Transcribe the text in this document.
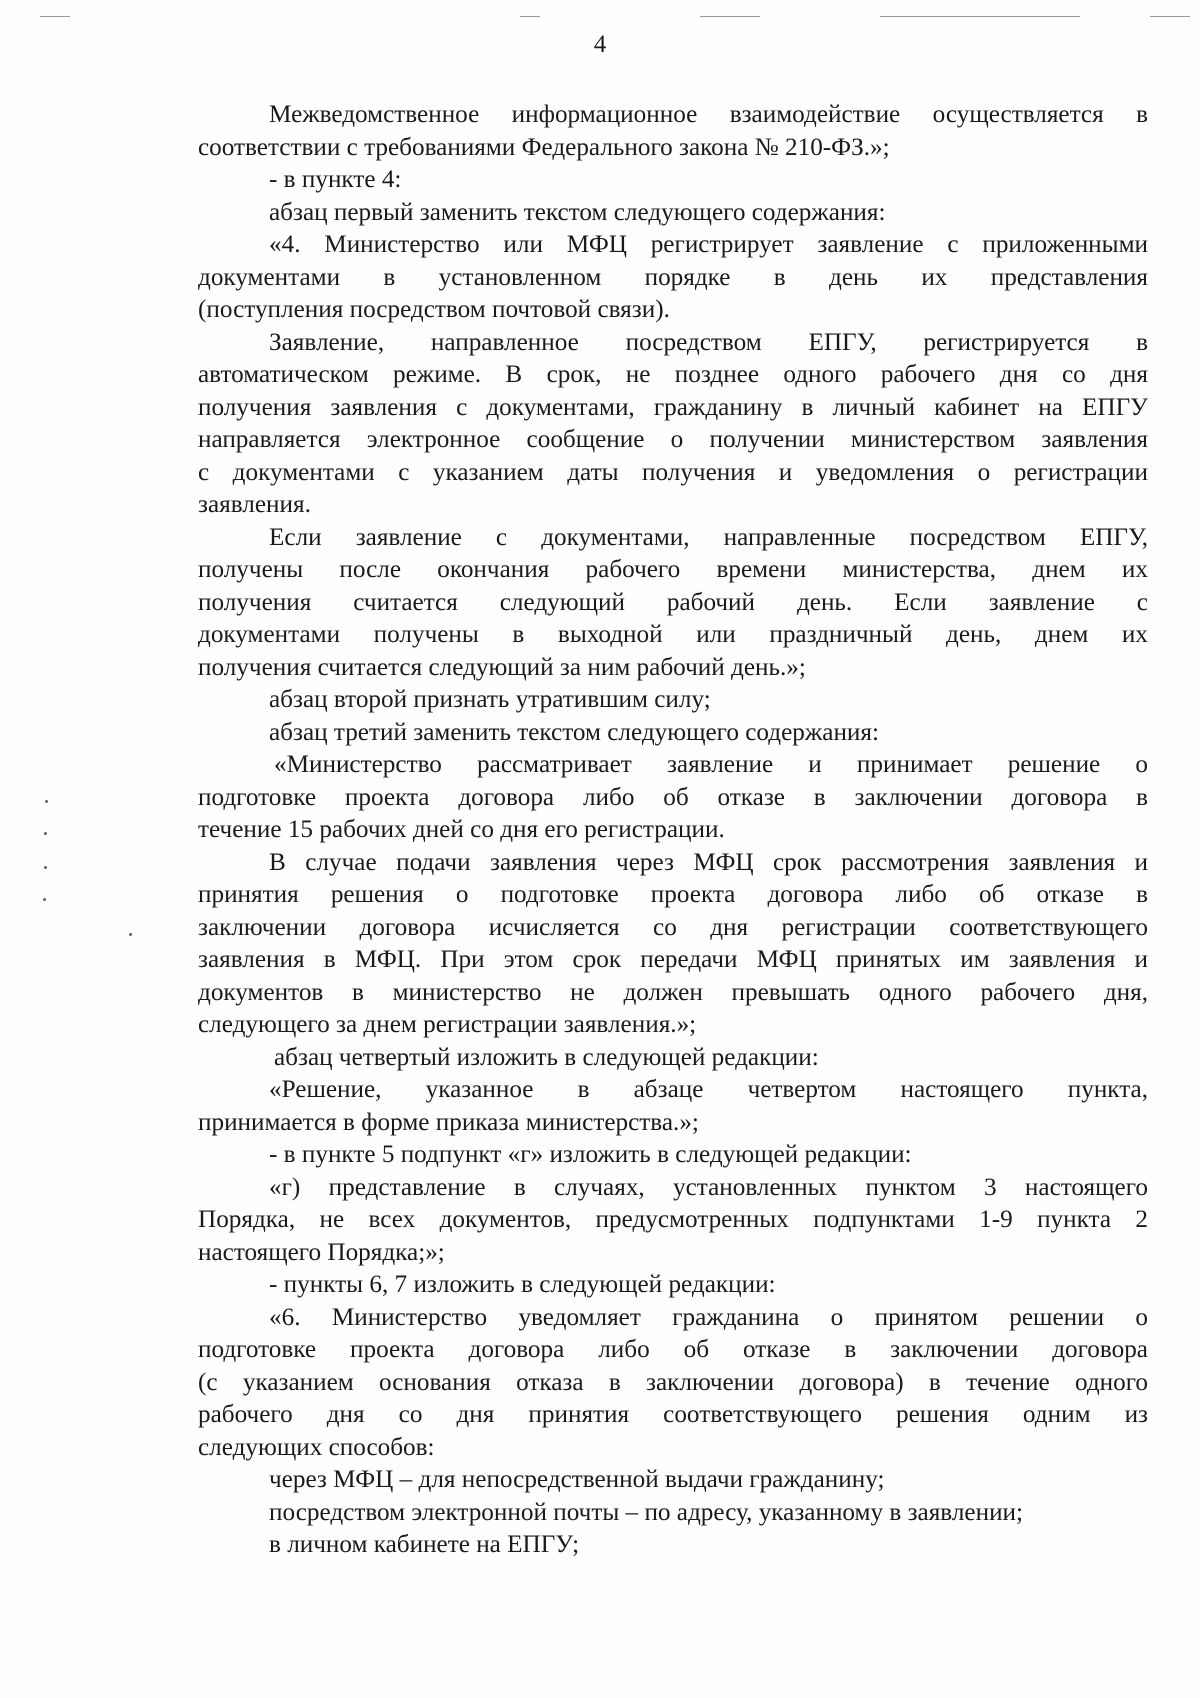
4
Межведомственное информационное взаимодействие осуществляется в
соответствии с требованиями Федерального закона № 210-ФЗ.»;
- в пункте 4:
абзац первый заменить текстом следующего содержания:
«4. Министерство или МФЦ регистрирует заявление с приложенными
документами в установленном порядке в день их представления
(поступления посредством почтовой связи).
Заявление, направленное посредством ЕПГУ, регистрируется в
автоматическом режиме. В срок, не позднее одного рабочего дня со дня
получения заявления с документами, гражданину в личный кабинет на ЕПГУ
направляется электронное сообщение о получении министерством заявления
с документами с указанием даты получения и уведомления о регистрации
заявления.
Если заявление с документами, направленные посредством ЕПГУ,
получены после окончания рабочего времени министерства, днем их
получения считается следующий рабочий день. Если заявление с
документами получены в выходной или праздничный день, днем их
получения считается следующий за ним рабочий день.»;
абзац второй признать утратившим силу;
абзац третий заменить текстом следующего содержания:
«Министерство рассматривает заявление и принимает решение о
подготовке проекта договора либо об отказе в заключении договора в
течение 15 рабочих дней со дня его регистрации.
В случае подачи заявления через МФЦ срок рассмотрения заявления и
принятия решения о подготовке проекта договора либо об отказе в
заключении договора исчисляется со дня регистрации соответствующего
заявления в МФЦ. При этом срок передачи МФЦ принятых им заявления и
документов в министерство не должен превышать одного рабочего дня,
следующего за днем регистрации заявления.»;
абзац четвертый изложить в следующей редакции:
«Решение, указанное в абзаце четвертом настоящего пункта,
принимается в форме приказа министерства.»;
- в пункте 5 подпункт «г» изложить в следующей редакции:
«г) представление в случаях, установленных пунктом 3 настоящего
Порядка, не всех документов, предусмотренных подпунктами 1-9 пункта 2
настоящего Порядка;»;
- пункты 6, 7 изложить в следующей редакции:
«6. Министерство уведомляет гражданина о принятом решении о
подготовке проекта договора либо об отказе в заключении договора
(с указанием основания отказа в заключении договора) в течение одного
рабочего дня со дня принятия соответствующего решения одним из
следующих способов:
через МФЦ – для непосредственной выдачи гражданину;
посредством электронной почты – по адресу, указанному в заявлении;
в личном кабинете на ЕПГУ;
